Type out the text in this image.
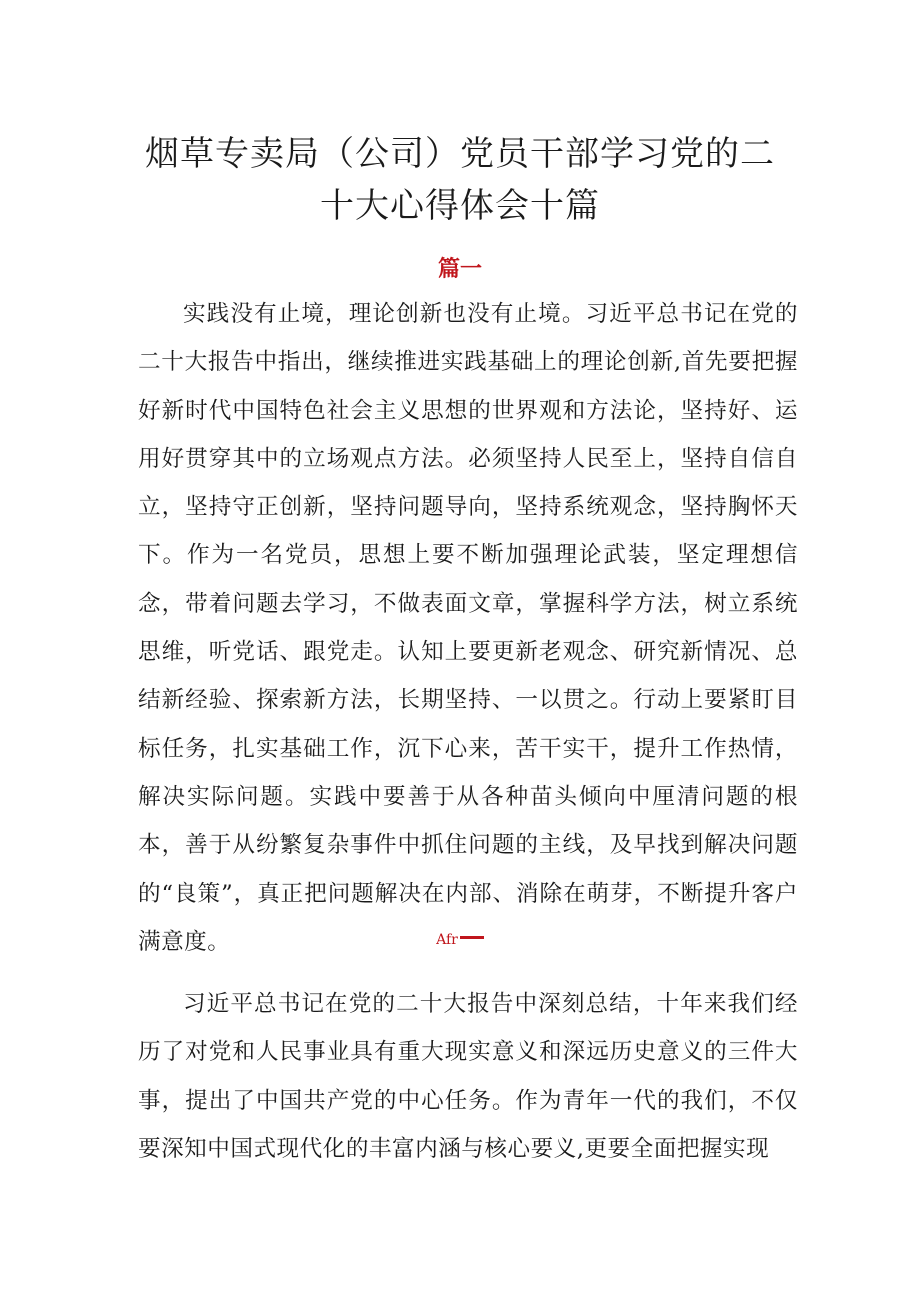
烟草专卖局（公司）党员干部学习党的二
十大心得体会十篇
篇一

实践没有止境，理论创新也没有止境。习近平总书记在党的二十大报告中指出，继续推进实践基础上的理论创新,首先要把握好新时代中国特色社会主义思想的世界观和方法论，坚持好、运用好贯穿其中的立场观点方法。必须坚持人民至上，坚持自信自立，坚持守正创新，坚持问题导向，坚持系统观念，坚持胸怀天下。作为一名党员，思想上要不断加强理论武装，坚定理想信念，带着问题去学习，不做表面文章，掌握科学方法，树立系统思维，听党话、跟党走。认知上要更新老观念、研究新情况、总结新经验、探索新方法，长期坚持、一以贯之。行动上要紧盯目标任务，扎实基础工作，沉下心来，苦干实干，提升工作热情，解决实际问题。实践中要善于从各种苗头倾向中厘清问题的根本，善于从纷繁复杂事件中抓住问题的主线，及早找到解决问题的“良策”，真正把问题解决在内部、消除在萌芽，不断提升客户满意度。	Afr

习近平总书记在党的二十大报告中深刻总结，十年来我们经历了对党和人民事业具有重大现实意义和深远历史意义的三件大事，提出了中国共产党的中心任务。作为青年一代的我们，不仅要深知中国式现代化的丰富内涵与核心要义,更要全面把握实现
